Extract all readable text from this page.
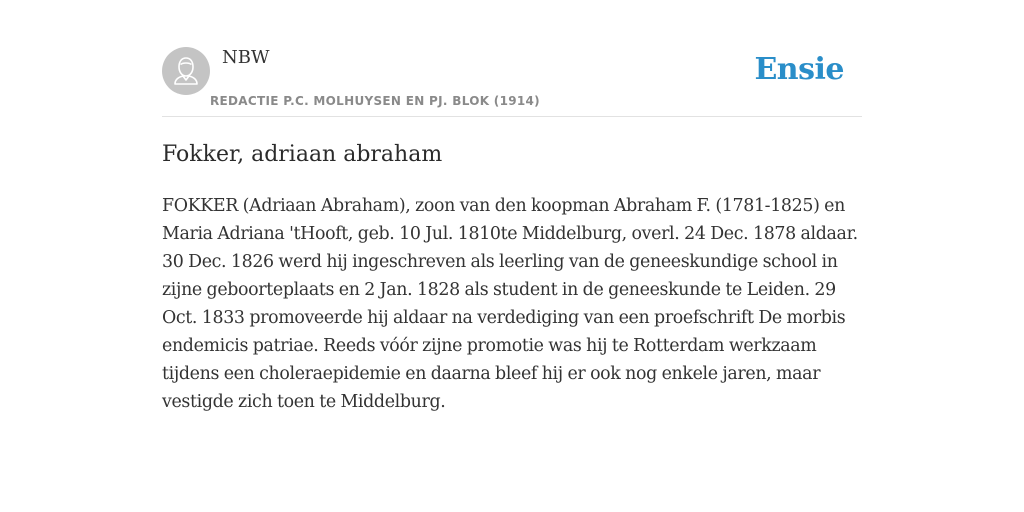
NBW
REDACTIE P.C. MOLHUYSEN EN PJ. BLOK (1914)
Ensie
Fokker, adriaan abraham

FOKKER (Adriaan Abraham), zoon van den koopman Abraham F. (1781-1825) en Maria Adriana 'tHooft, geb. 10 Jul. 1810te Middelburg, overl. 24 Dec. 1878 aldaar. 30 Dec. 1826 werd hij ingeschreven als leerling van de geneeskundige school in zijne geboorteplaats en 2 Jan. 1828 als student in de geneeskunde te Leiden. 29 Oct. 1833 promoveerde hij aldaar na verdediging van een proefschrift De morbis endemicis patriae. Reeds vóór zijne promotie was hij te Rotterdam werkzaam tijdens een choleraepidemie en daarna bleef hij er ook nog enkele jaren, maar vestigde zich toen te Middelburg.
